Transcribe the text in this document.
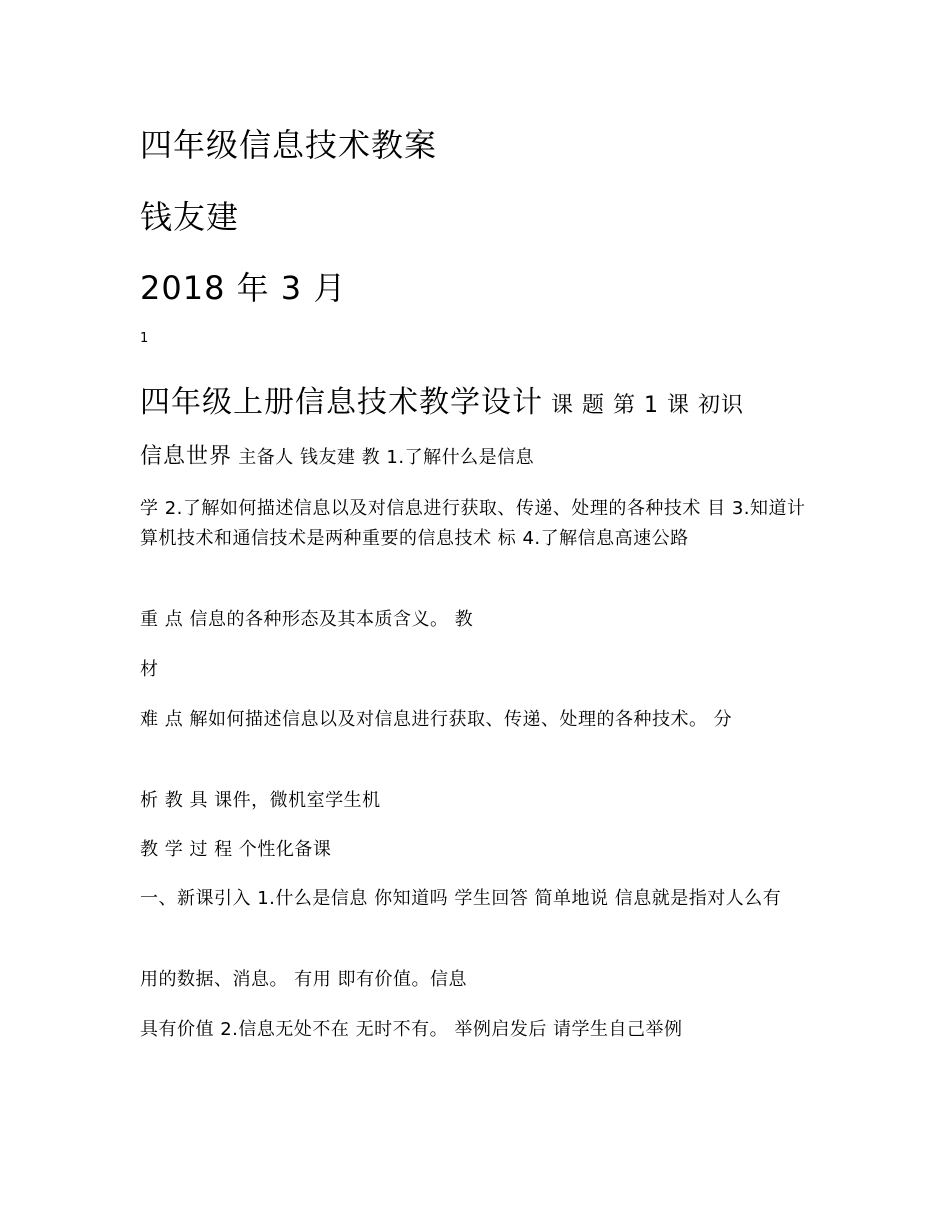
四年级信息技术教案
钱友建
2018 年 3 月
1
四年级上册信息技术教学设计 课 题 第 1 课 初识
信息世界 主备人 钱友建 教 1.了解什么是信息
学 2.了解如何描述信息以及对信息进行获取、传递、处理的各种技术 目 3.知道计算机技术和通信技术是两种重要的信息技术 标 4.了解信息高速公路
重 点 信息的各种形态及其本质含义。 教
材
难 点 解如何描述信息以及对信息进行获取、传递、处理的各种技术。 分
析 教 具 课件，微机室学生机
教 学 过 程 个性化备课
一、新课引入 1.什么是信息 你知道吗 学生回答 简单地说 信息就是指对人么有
用的数据、消息。 有用 即有价值。信息
具有价值 2.信息无处不在 无时不有。 举例启发后 请学生自己举例
